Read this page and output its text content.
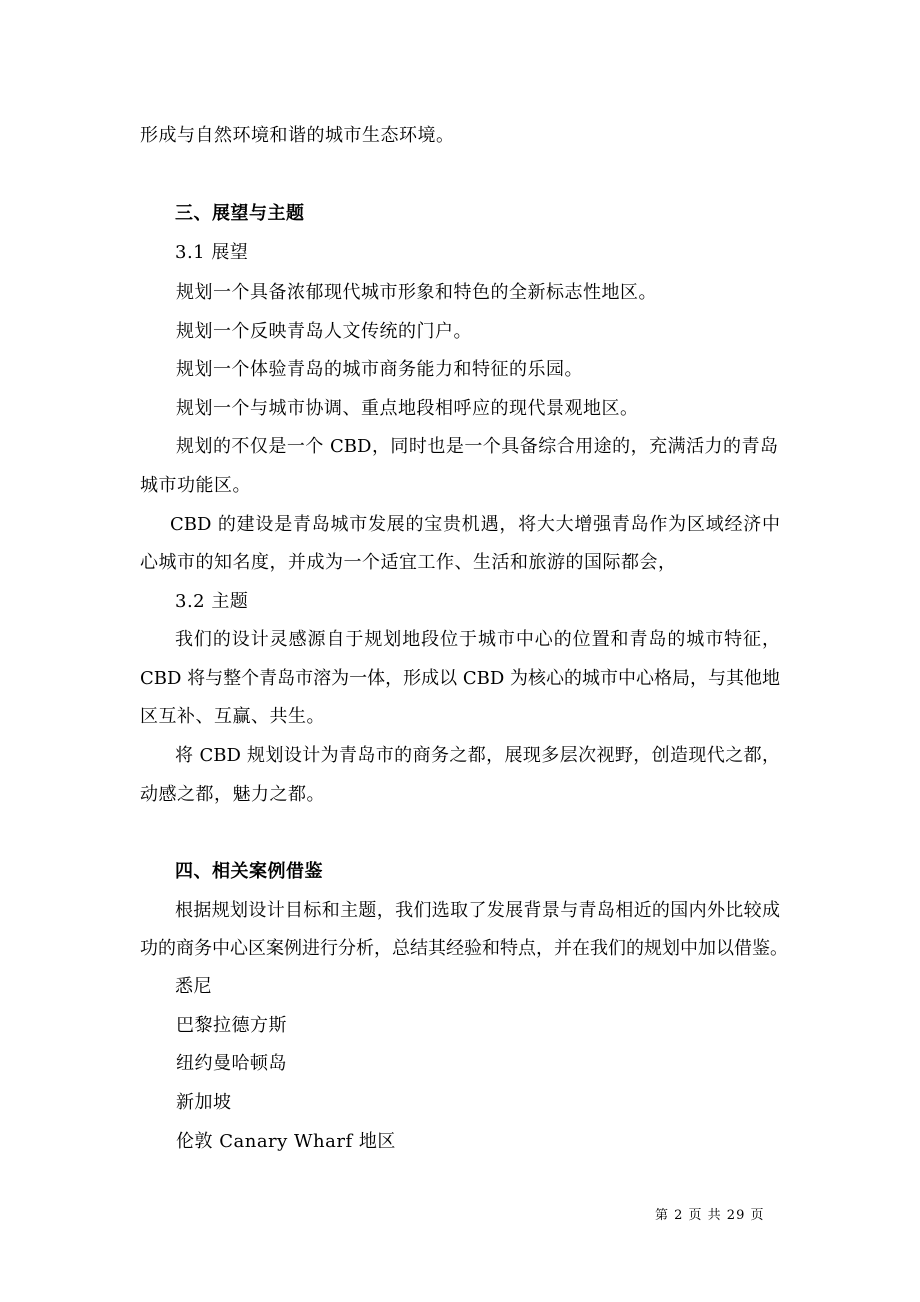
形成与自然环境和谐的城市生态环境。
三、展望与主题
3.1 展望
规划一个具备浓郁现代城市形象和特色的全新标志性地区。
规划一个反映青岛人文传统的门户。
规划一个体验青岛的城市商务能力和特征的乐园。
规划一个与城市协调、重点地段相呼应的现代景观地区。
规划的不仅是一个 CBD，同时也是一个具备综合用途的，充满活力的青岛
城市功能区。
CBD 的建设是青岛城市发展的宝贵机遇，将大大增强青岛作为区域经济中
心城市的知名度，并成为一个适宜工作、生活和旅游的国际都会，
3.2 主题
我们的设计灵感源自于规划地段位于城市中心的位置和青岛的城市特征，
CBD 将与整个青岛市溶为一体，形成以 CBD 为核心的城市中心格局，与其他地
区互补、互赢、共生。
将 CBD 规划设计为青岛市的商务之都，展现多层次视野，创造现代之都，
动感之都，魅力之都。
四、相关案例借鉴
根据规划设计目标和主题，我们选取了发展背景与青岛相近的国内外比较成
功的商务中心区案例进行分析，总结其经验和特点，并在我们的规划中加以借鉴。
悉尼
巴黎拉德方斯
纽约曼哈顿岛
新加坡
伦敦 Canary Wharf 地区
第 2 页 共 29 页
